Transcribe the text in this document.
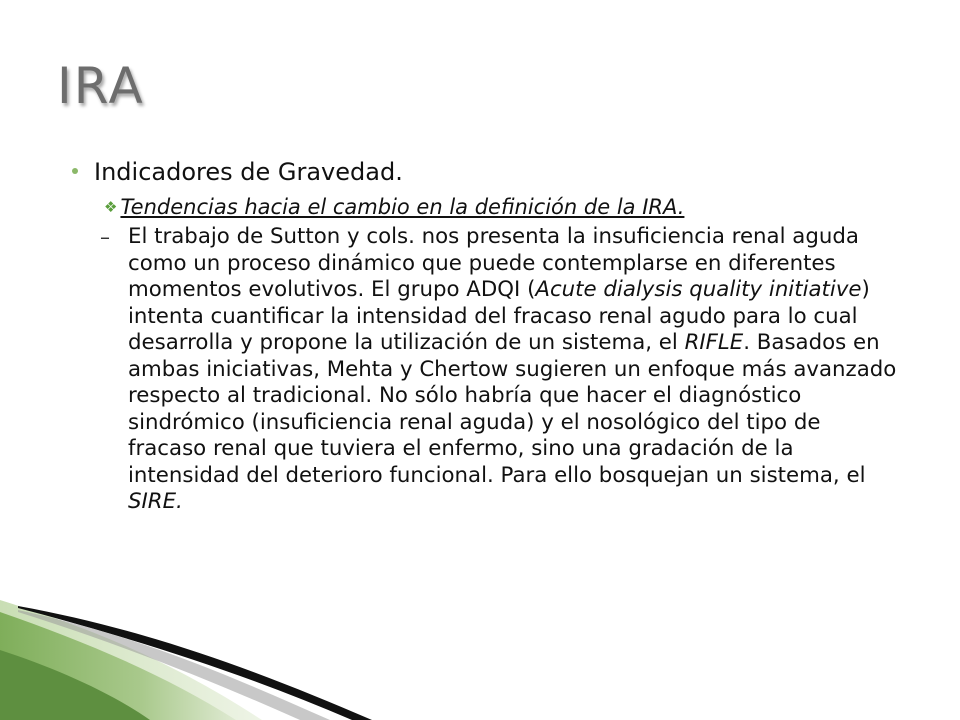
IRA
Indicadores de Gravedad.
❖ Tendencias hacia el cambio en la definición de la IRA.
– El trabajo de Sutton y cols. nos presenta la insuficiencia renal aguda como un proceso dinámico que puede contemplarse en diferentes momentos evolutivos. El grupo ADQI (Acute dialysis quality initiative) intenta cuantificar la intensidad del fracaso renal agudo para lo cual desarrolla y propone la utilización de un sistema, el RIFLE. Basados en ambas iniciativas, Mehta y Chertow sugieren un enfoque más avanzado respecto al tradicional. No sólo habría que hacer el diagnóstico sindrómico (insuficiencia renal aguda) y el nosológico del tipo de fracaso renal que tuviera el enfermo, sino una gradación de la intensidad del deterioro funcional. Para ello bosquejan un sistema, el SIRE.
